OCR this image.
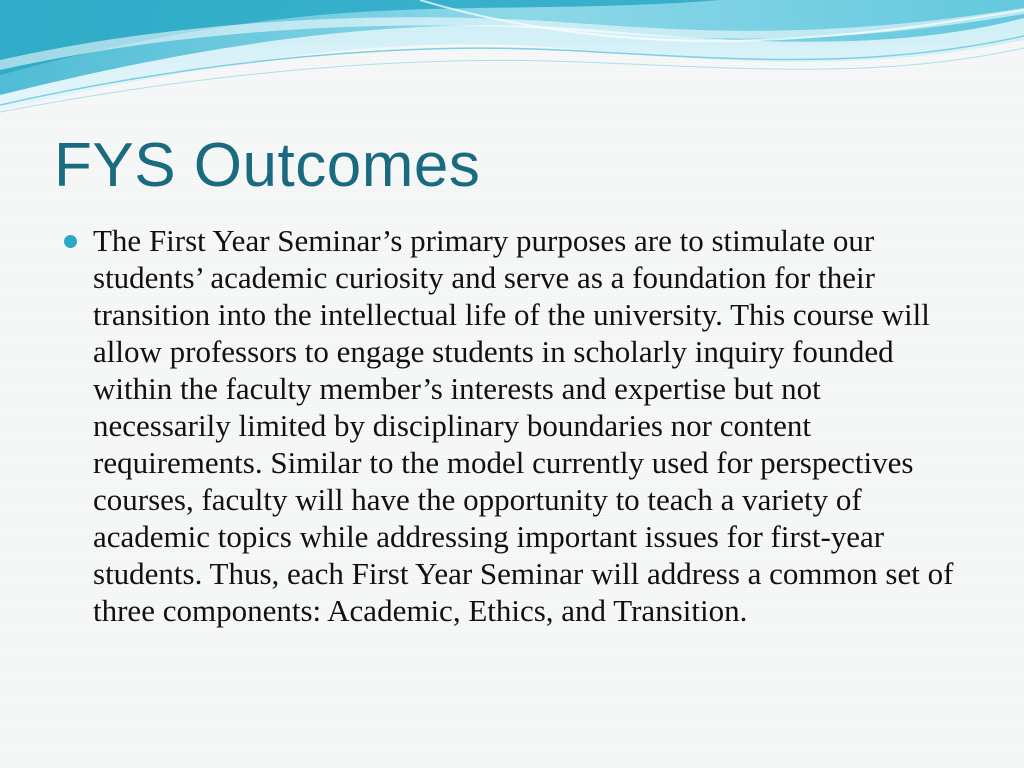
FYS Outcomes
The First Year Seminar’s primary purposes are to stimulate our students’ academic curiosity and serve as a foundation for their transition into the intellectual life of the university. This course will allow professors to engage students in scholarly inquiry founded within the faculty member’s interests and expertise but not necessarily limited by disciplinary boundaries nor content requirements. Similar to the model currently used for perspectives courses, faculty will have the opportunity to teach a variety of academic topics while addressing important issues for first-year students. Thus, each First Year Seminar will address a common set of three components: Academic, Ethics, and Transition.
